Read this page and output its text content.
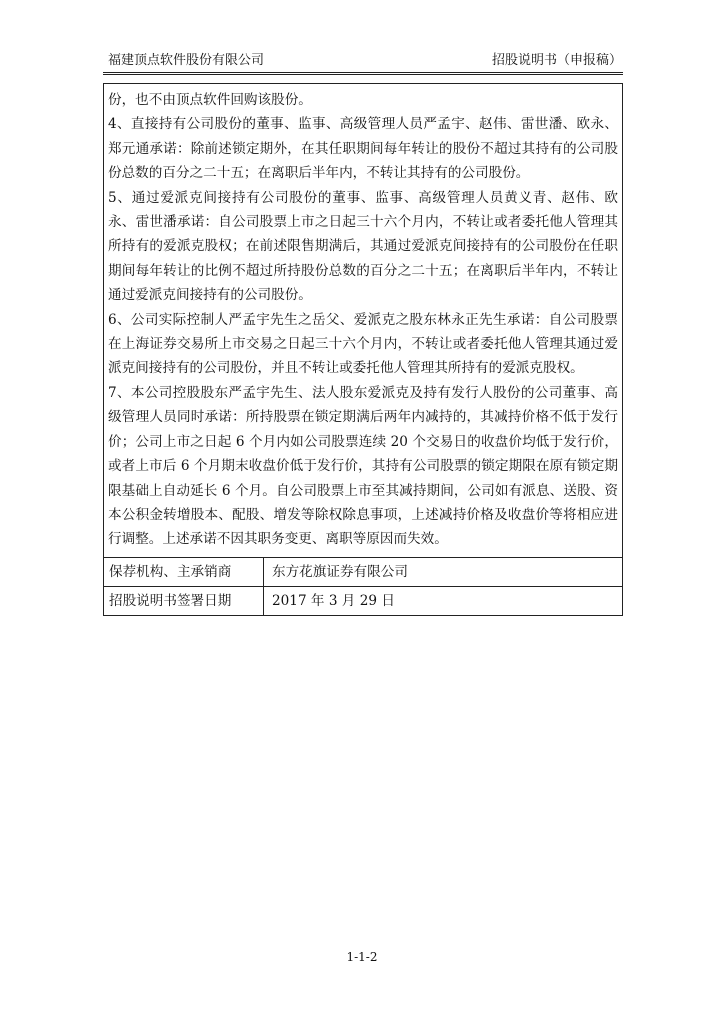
福建顶点软件股份有限公司	招股说明书（申报稿）

份，也不由顶点软件回购该股份。

4、直接持有公司股份的董事、监事、高级管理人员严孟宇、赵伟、雷世潘、欧永、郑元通承诺：除前述锁定期外，在其任职期间每年转让的股份不超过其持有的公司股份总数的百分之二十五；在离职后半年内，不转让其持有的公司股份。

5、通过爱派克间接持有公司股份的董事、监事、高级管理人员黄义青、赵伟、欧永、雷世潘承诺：自公司股票上市之日起三十六个月内，不转让或者委托他人管理其所持有的爱派克股权；在前述限售期满后，其通过爱派克间接持有的公司股份在任职期间每年转让的比例不超过所持股份总数的百分之二十五；在离职后半年内，不转让通过爱派克间接持有的公司股份。

6、公司实际控制人严孟宇先生之岳父、爱派克之股东林永正先生承诺：自公司股票在上海证券交易所上市交易之日起三十六个月内，不转让或者委托他人管理其通过爱派克间接持有的公司股份，并且不转让或委托他人管理其所持有的爱派克股权。

7、本公司控股股东严孟宇先生、法人股东爱派克及持有发行人股份的公司董事、高级管理人员同时承诺：所持股票在锁定期满后两年内减持的，其减持价格不低于发行价；公司上市之日起 6 个月内如公司股票连续 20 个交易日的收盘价均低于发行价，或者上市后 6 个月期末收盘价低于发行价，其持有公司股票的锁定期限在原有锁定期限基础上自动延长 6 个月。自公司股票上市至其减持期间，公司如有派息、送股、资本公积金转增股本、配股、增发等除权除息事项，上述减持价格及收盘价等将相应进行调整。上述承诺不因其职务变更、离职等原因而失效。

保荐机构、主承销商	东方花旗证券有限公司
招股说明书签署日期	2017 年 3 月 29 日
1-1-2
